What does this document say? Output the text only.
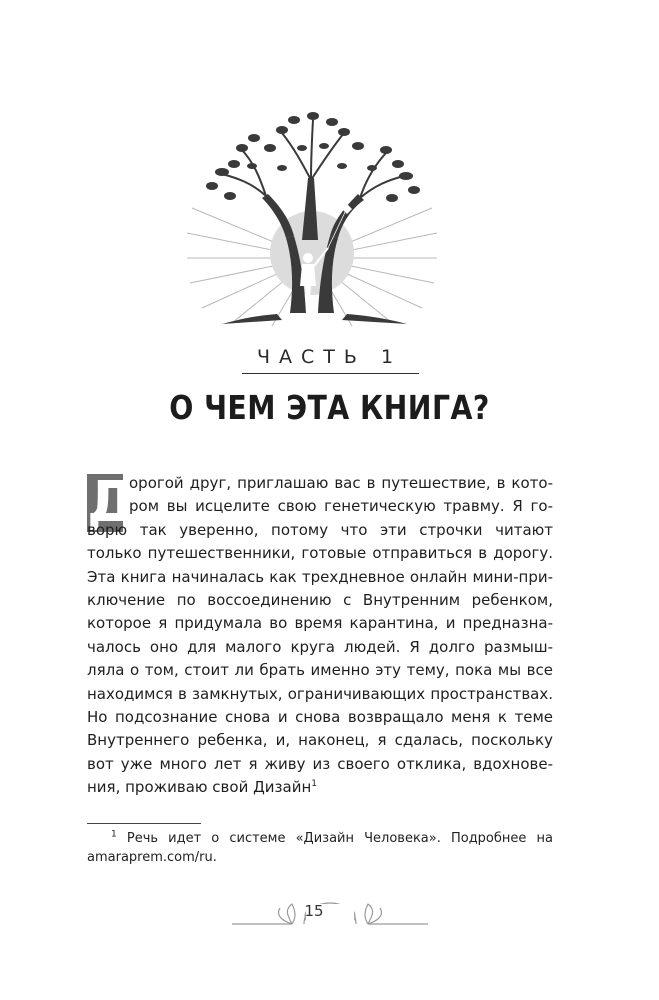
ЧАСТЬ 1
О ЧЕМ ЭТА КНИГА?
Д
орогой друг, приглашаю вас в путешествие, в кото-
ром вы исцелите свою генетическую травму. Я го-
ворю так уверенно, потому что эти строчки читают
только путешественники, готовые отправиться в дорогу.
Эта книга начиналась как трехдневное онлайн мини-при-
ключение по воссоединению с Внутренним ребенком,
которое я придумала во время карантина, и предназна-
чалось оно для малого круга людей. Я долго размыш-
ляла о том, стоит ли брать именно эту тему, пока мы все
находимся в замкнутых, ограничивающих пространствах.
Но подсознание снова и снова возвращало меня к теме
Внутреннего ребенка, и, наконец, я сдалась, поскольку
вот уже много лет я живу из своего отклика, вдохнове-
ния, проживаю свой Дизайн$^1$
$^1$ Речь идет о системе «Дизайн Человека». Подробнее на
amaraprem.com/ru.
15
